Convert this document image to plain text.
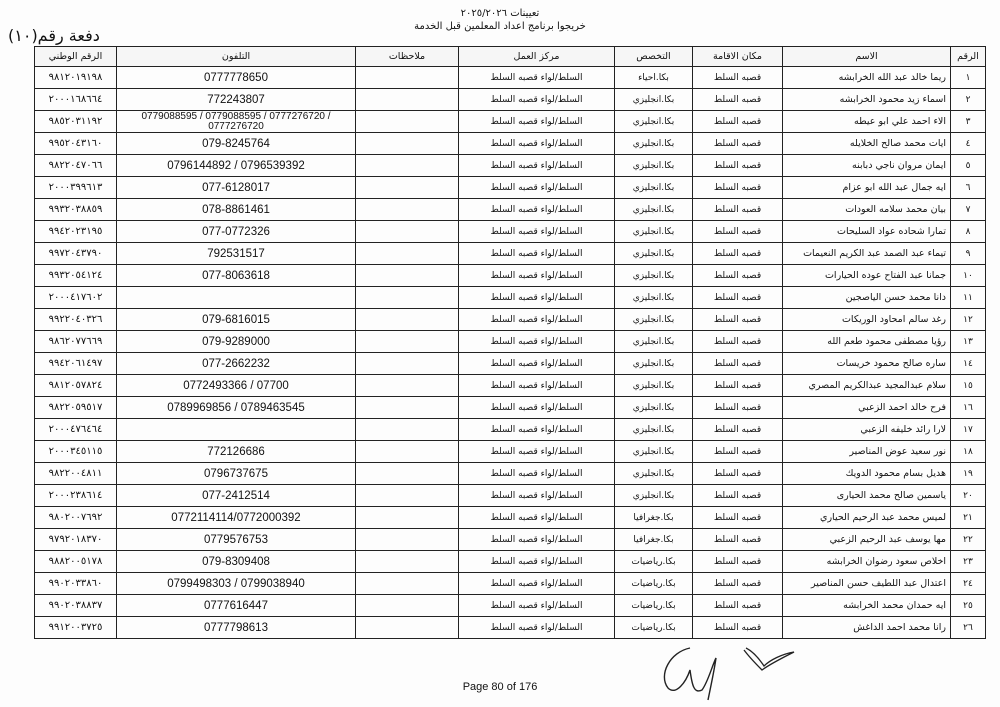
تعيينات ٢٠٢٥/٢٠٢٦
خريجوا برنامج اعداد المعلمين قبل الخدمة
دفعة رقم(١٠)
الرقم	الاسم	مكان الاقامة	التخصص	مركز العمل	ملاحظات	التلفون	الرقم الوطني
١	ريما خالد عبد الله الخرابشه	قصبه السلط	بكا.احياء	السلط/لواء قصبه السلط		0777778650	٩٨١٢٠١٩١٩٨
٢	اسماء زيد محمود الخرابشه	قصبه السلط	بكا.انجليزي	السلط/لواء قصبه السلط		772243807	٢٠٠٠١٦٨٦٦٤
٣	الاء احمد علي ابو عيطه	قصبه السلط	بكا.انجليزي	السلط/لواء قصبه السلط		0779088595 / 0779088595 / 0777276720 / 0777276720	٩٨٥٢٠٣١١٩٢
٤	ايات محمد صالح الخلايله	قصبه السلط	بكا.انجليزي	السلط/لواء قصبه السلط		079-8245764	٩٩٥٢٠٤٣١٦٠
٥	ايمان مروان ناجي دبابنه	قصبه السلط	بكا.انجليزي	السلط/لواء قصبه السلط		0796144892 / 0796539392	٩٨٢٢٠٤٧٠٦٦
٦	ايه جمال عبد الله ابو عزام	قصبه السلط	بكا.انجليزي	السلط/لواء قصبه السلط		077-6128017	٢٠٠٠٣٩٩٦١٣
٧	بيان محمد سلامه العودات	قصبه السلط	بكا.انجليزي	السلط/لواء قصبه السلط		078-8861461	٩٩٣٢٠٣٨٨٥٩
٨	تمارا شحاده عواد السليحات	قصبه السلط	بكا.انجليزي	السلط/لواء قصبه السلط		077-0772326	٩٩٤٢٠٢٣١٩٥
٩	تيماء عبد الصمد عبد الكريم النعيمات	قصبه السلط	بكا.انجليزي	السلط/لواء قصبه السلط		792531517	٩٩٧٢٠٤٣٧٩٠
١٠	جمانا عبد الفتاح عوده الحيارات	قصبه السلط	بكا.انجليزي	السلط/لواء قصبه السلط		077-8063618	٩٩٣٢٠٥٤١٢٤
١١	دانا محمد حسن الياصجين	قصبه السلط	بكا.انجليزي	السلط/لواء قصبه السلط			٢٠٠٠٤١٧٦٠٢
١٢	رغد سالم امحاود الوريكات	قصبه السلط	بكا.انجليزي	السلط/لواء قصبه السلط		079-6816015	٩٩٢٢٠٤٠٣٢٦
١٣	رؤيا مصطفى محمود طعم الله	قصبه السلط	بكا.انجليزي	السلط/لواء قصبه السلط		079-9289000	٩٨٦٢٠٧٧٦٦٩
١٤	ساره صالح محمود خريسات	قصبه السلط	بكا.انجليزي	السلط/لواء قصبه السلط		077-2662232	٩٩٤٢٠٦١٤٩٧
١٥	سلام عبدالمجيد عبدالكريم المصري	قصبه السلط	بكا.انجليزي	السلط/لواء قصبه السلط		0772493366 / 07700	٩٨١٢٠٥٧٨٢٤
١٦	فرح خالد احمد الزعبي	قصبه السلط	بكا.انجليزي	السلط/لواء قصبه السلط		0789969856 / 0789463545	٩٨٢٢٠٥٩٥١٧
١٧	لارا رائد خليفه الزعبي	قصبه السلط	بكا.انجليزي	السلط/لواء قصبه السلط			٢٠٠٠٤٧٦٤٦٤
١٨	نور سعيد عوض المناصير	قصبه السلط	بكا.انجليزي	السلط/لواء قصبه السلط		772126686	٢٠٠٠٣٤٥١١٥
١٩	هديل بسام محمود الدويك	قصبه السلط	بكا.انجليزي	السلط/لواء قصبه السلط		0796737675	٩٨٢٢٠٠٤٨١١
٢٠	ياسمين صالح محمد الحيارى	قصبه السلط	بكا.انجليزي	السلط/لواء قصبه السلط		077-2412514	٢٠٠٠٢٣٨٦١٤
٢١	لميس محمد عبد الرحيم الحياري	قصبه السلط	بكا.جغرافيا	السلط/لواء قصبه السلط		0772114114/0772000392	٩٨٠٢٠٠٧٦٩٢
٢٢	مها يوسف عبد الرحيم الزعبي	قصبه السلط	بكا.جغرافيا	السلط/لواء قصبه السلط		0779576753	٩٧٩٢٠١٨٣٧٠
٢٣	اخلاص سعود رضوان الخرابشه	قصبه السلط	بكا.رياضيات	السلط/لواء قصبه السلط		079-8309408	٩٨٨٢٠٠٥١٧٨
٢٤	اعتدال عبد اللطيف حسن المناصير	قصبه السلط	بكا.رياضيات	السلط/لواء قصبه السلط		0799498303 / 0799038940	٩٩٠٢٠٣٣٨٦٠
٢٥	ايه حمدان محمد الخرابشه	قصبه السلط	بكا.رياضيات	السلط/لواء قصبه السلط		0777616447	٩٩٠٢٠٣٨٨٣٧
٢٦	رانا محمد احمد الداغش	قصبه السلط	بكا.رياضيات	السلط/لواء قصبه السلط		0777798613	٩٩١٢٠٠٣٧٢٥
Page 80 of 176
